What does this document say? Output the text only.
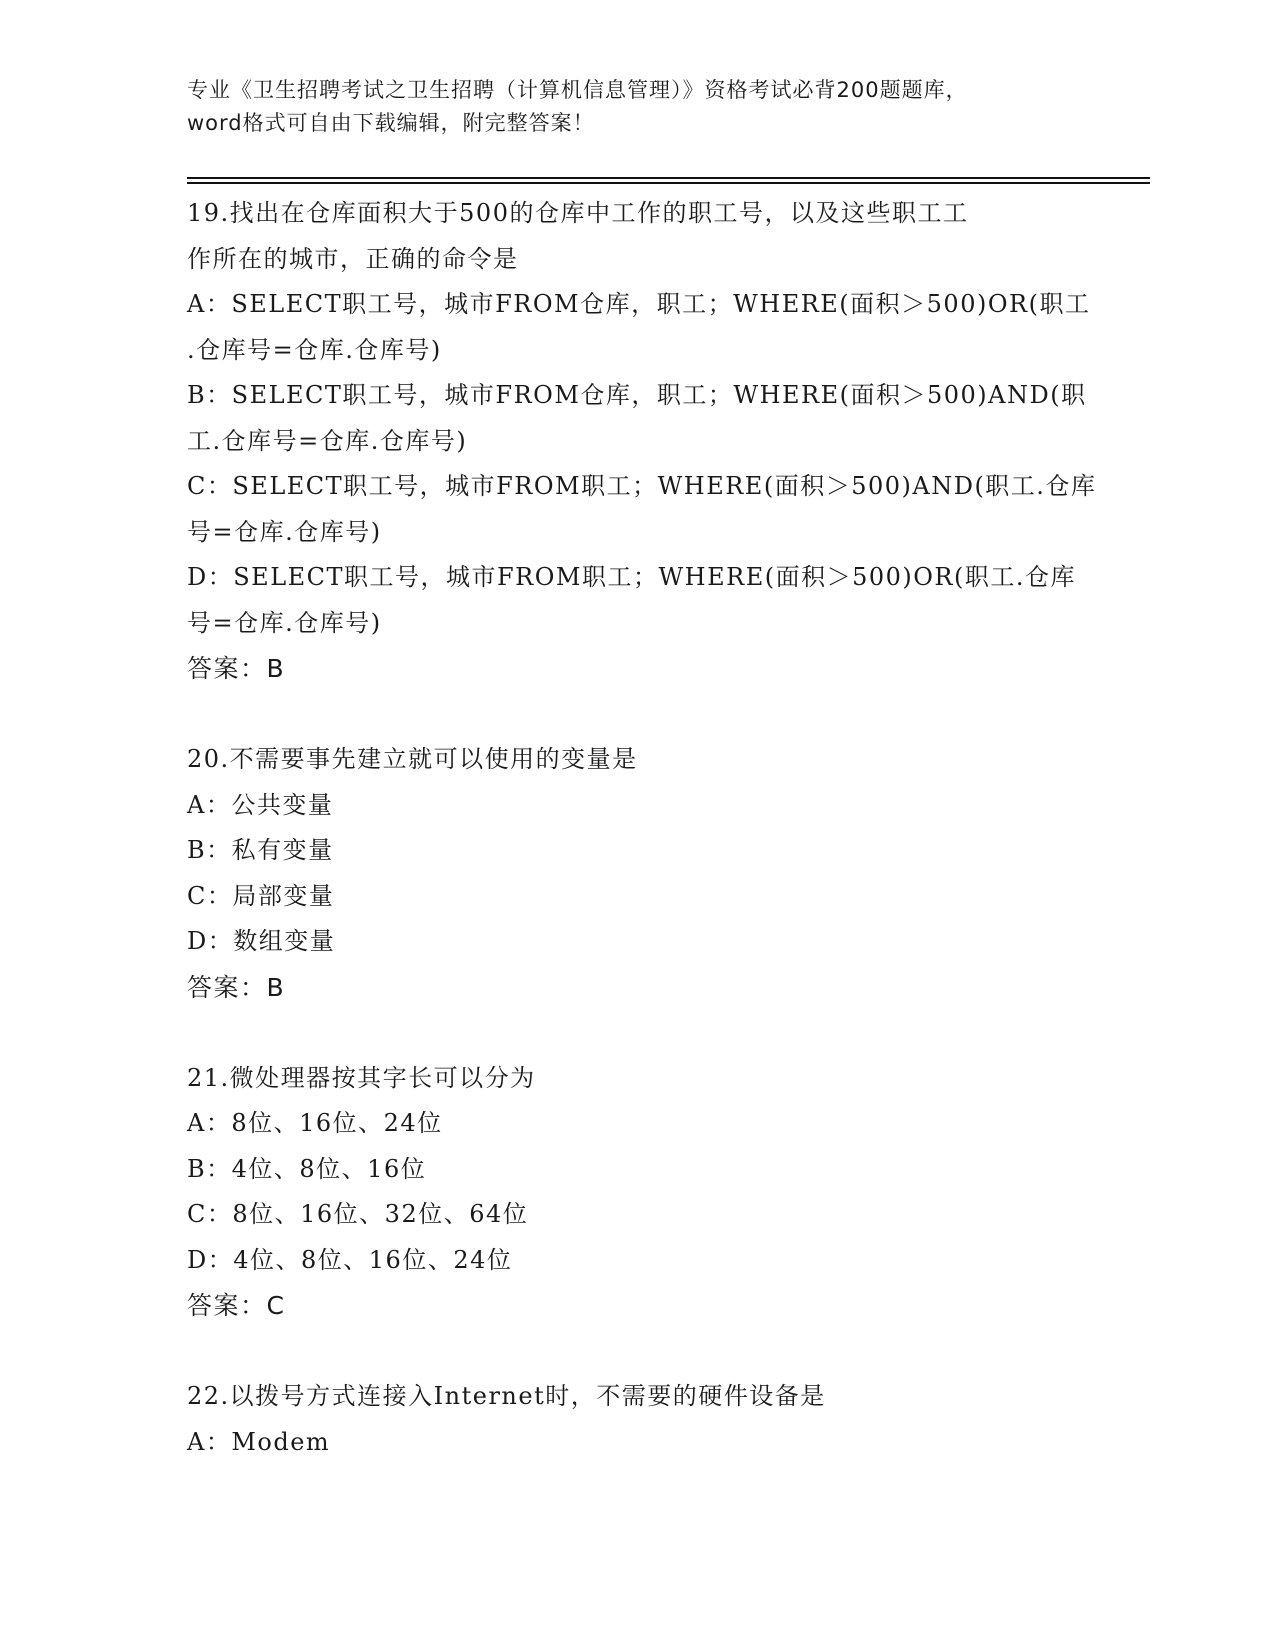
专业《卫生招聘考试之卫生招聘（计算机信息管理）》资格考试必背200题题库，
word格式可自由下载编辑，附完整答案！
19.找出在仓库面积大于500的仓库中工作的职工号，以及这些职工工
作所在的城市，正确的命令是
A：SELECT职工号，城市FROM仓库，职工；WHERE(面积＞500)OR(职工
.仓库号=仓库.仓库号)
B：SELECT职工号，城市FROM仓库，职工；WHERE(面积＞500)AND(职
工.仓库号=仓库.仓库号)
C：SELECT职工号，城市FROM职工；WHERE(面积＞500)AND(职工.仓库
号=仓库.仓库号)
D：SELECT职工号，城市FROM职工；WHERE(面积＞500)OR(职工.仓库
号=仓库.仓库号)
答案：B
20.不需要事先建立就可以使用的变量是
A：公共变量
B：私有变量
C：局部变量
D：数组变量
答案：B
21.微处理器按其字长可以分为
A：8位、16位、24位
B：4位、8位、16位
C：8位、16位、32位、64位
D：4位、8位、16位、24位
答案：C
22.以拨号方式连接入Internet时，不需要的硬件设备是
A：Modem
